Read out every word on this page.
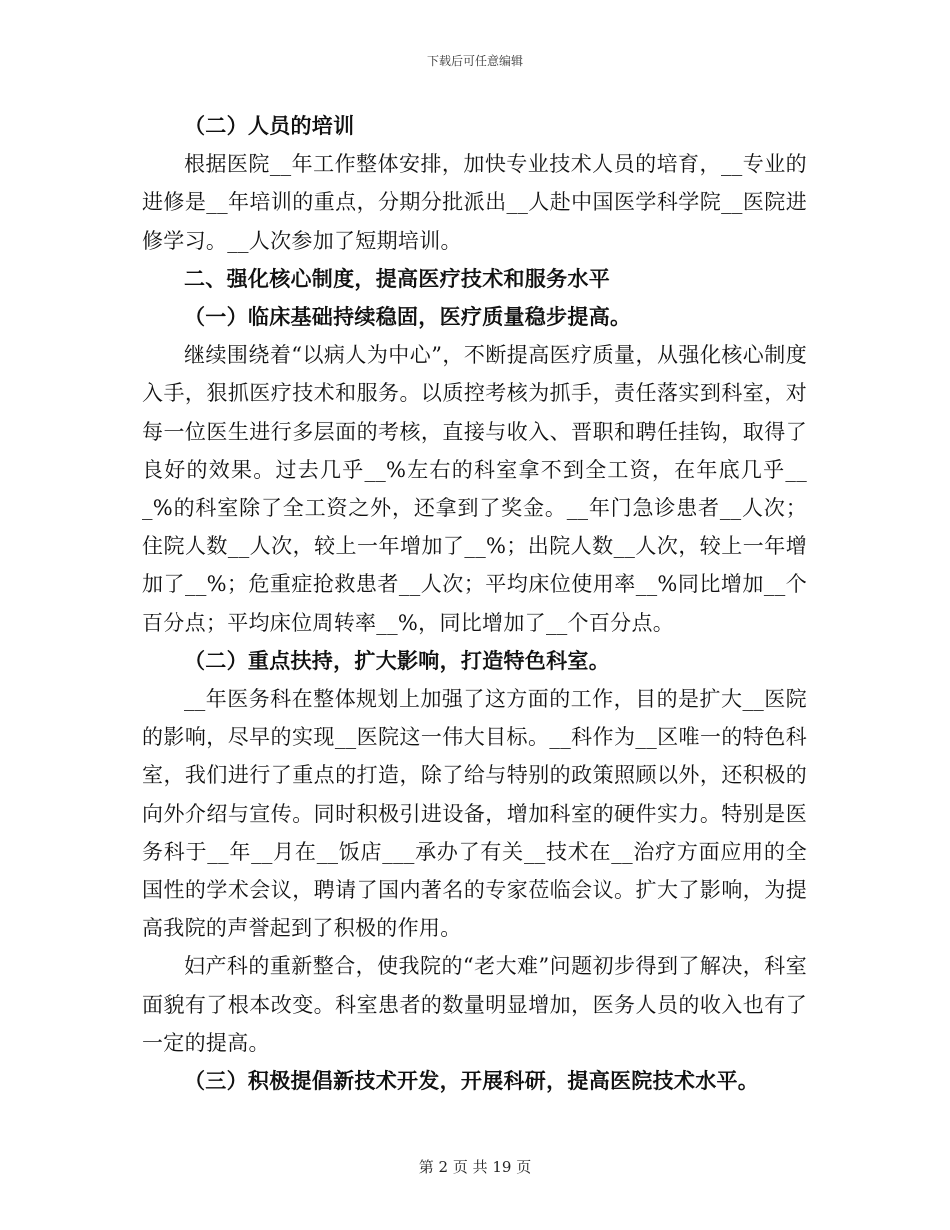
下载后可任意编辑

（二）人员的培训

根据医院__年工作整体安排，加快专业技术人员的培育，__专业的进修是__年培训的重点，分期分批派出__人赴中国医学科学院__医院进修学习。__人次参加了短期培训。

二、强化核心制度，提高医疗技术和服务水平

（一）临床基础持续稳固，医疗质量稳步提高。

继续围绕着“以病人为中心”，不断提高医疗质量，从强化核心制度入手，狠抓医疗技术和服务。以质控考核为抓手，责任落实到科室，对每一位医生进行多层面的考核，直接与收入、晋职和聘任挂钩，取得了良好的效果。过去几乎__%左右的科室拿不到全工资，在年底几乎___%的科室除了全工资之外，还拿到了奖金。__年门急诊患者__人次；住院人数__人次，较上一年增加了__%；出院人数__人次，较上一年增加了__%；危重症抢救患者__人次；平均床位使用率__%同比增加__个百分点；平均床位周转率__%，同比增加了__个百分点。

（二）重点扶持，扩大影响，打造特色科室。

__年医务科在整体规划上加强了这方面的工作，目的是扩大__医院的影响，尽早的实现__医院这一伟大目标。__科作为__区唯一的特色科室，我们进行了重点的打造，除了给与特别的政策照顾以外，还积极的向外介绍与宣传。同时积极引进设备，增加科室的硬件实力。特别是医务科于__年__月在__饭店___承办了有关__技术在__治疗方面应用的全国性的学术会议，聘请了国内著名的专家莅临会议。扩大了影响，为提高我院的声誉起到了积极的作用。

妇产科的重新整合，使我院的“老大难”问题初步得到了解决，科室面貌有了根本改变。科室患者的数量明显增加，医务人员的收入也有了一定的提高。

（三）积极提倡新技术开发，开展科研，提高医院技术水平。

第 2 页 共 19 页
